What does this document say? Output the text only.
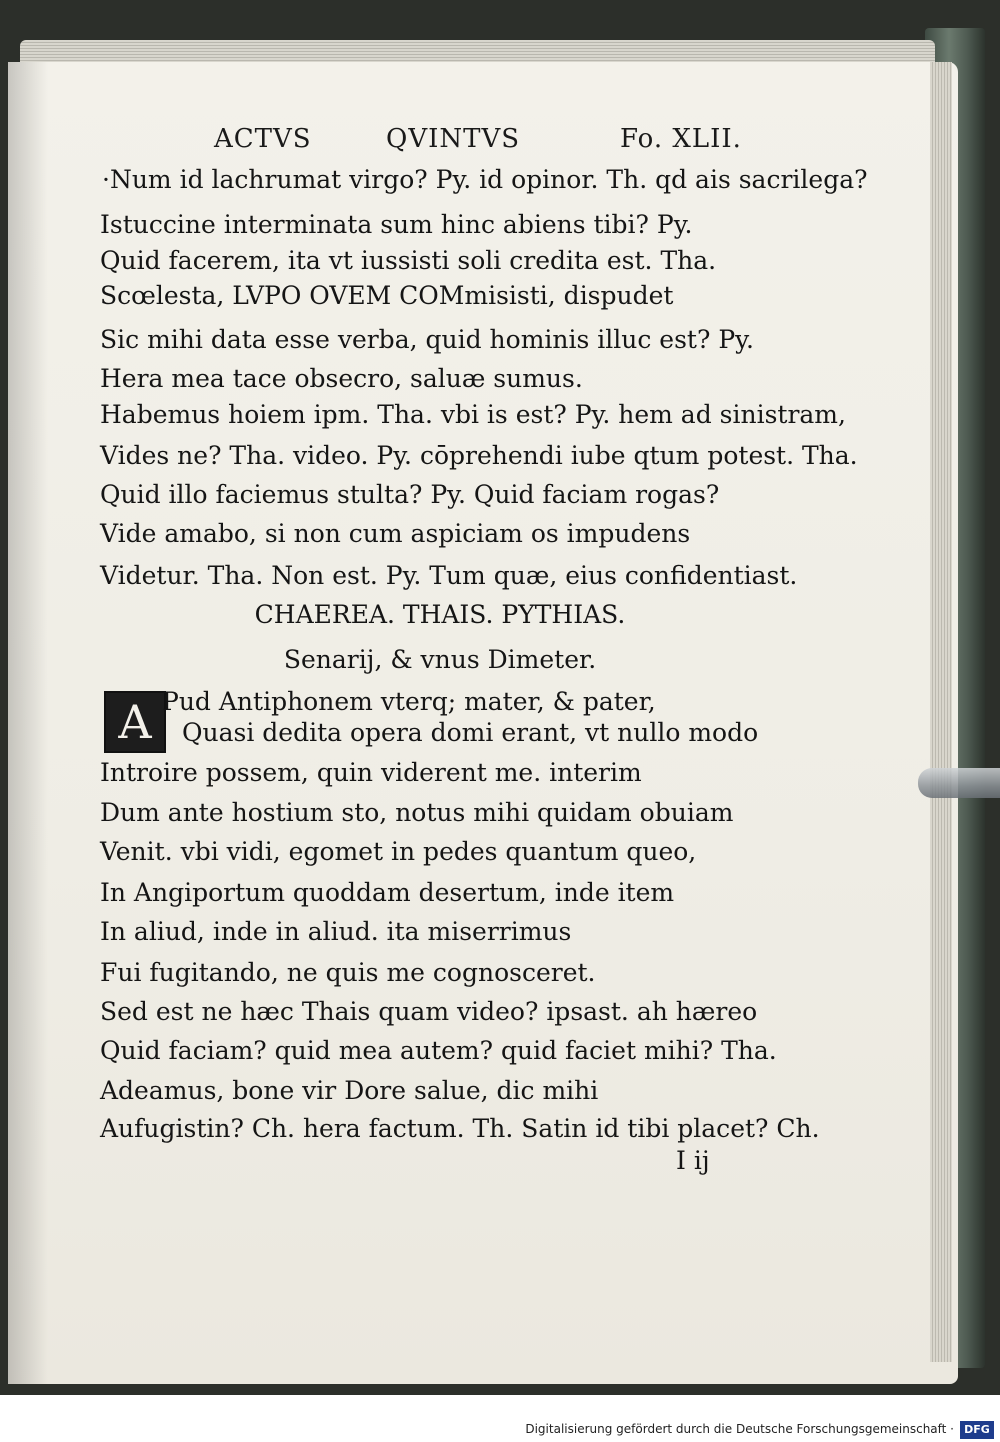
ACTVS	QVINTVS	Fo. XLII.
·Num id lachrumat virgo? Py. id opinor. Th. qd ais sacrilega?
Istuccine interminata sum hinc abiens tibi? Py.
Quid facerem, ita vt iussisti soli credita est. Tha.
Scœlesta, LVPO OVEM COMmisisti, dispudet
Sic mihi data esse verba, quid hominis illuc est? Py.
Hera mea tace obsecro, saluæ sumus.
Habemus hoiem ipm. Tha. vbi is est? Py. hem ad sinistram,
Vides ne? Tha. video. Py. cōprehendi iube qtum potest. Tha.
Quid illo faciemus stulta? Py. Quid faciam rogas?
Vide amabo, si non cum aspiciam os impudens
Videtur. Tha. Non est. Py. Tum quæ, eius confidentiast.
CHAEREA. THAIS. PYTHIAS.
Senarij, & vnus Dimeter.
A Pud Antiphonem vterq; mater, & pater,
Quasi dedita opera domi erant, vt nullo modo
Introire possem, quin viderent me. interim
Dum ante hostium sto, notus mihi quidam obuiam
Venit. vbi vidi, egomet in pedes quantum queo,
In Angiportum quoddam desertum, inde item
In aliud, inde in aliud. ita miserrimus
Fui fugitando, ne quis me cognosceret.
Sed est ne hæc Thais quam video? ipsast. ah hæreo
Quid faciam? quid mea autem? quid faciet mihi? Tha.
Adeamus, bone vir Dore salue, dic mihi
Aufugistin? Ch. hera factum. Th. Satin id tibi placet? Ch.
I ij
Digitalisierung gefördert durch die Deutsche Forschungsgemeinschaft · DFG
